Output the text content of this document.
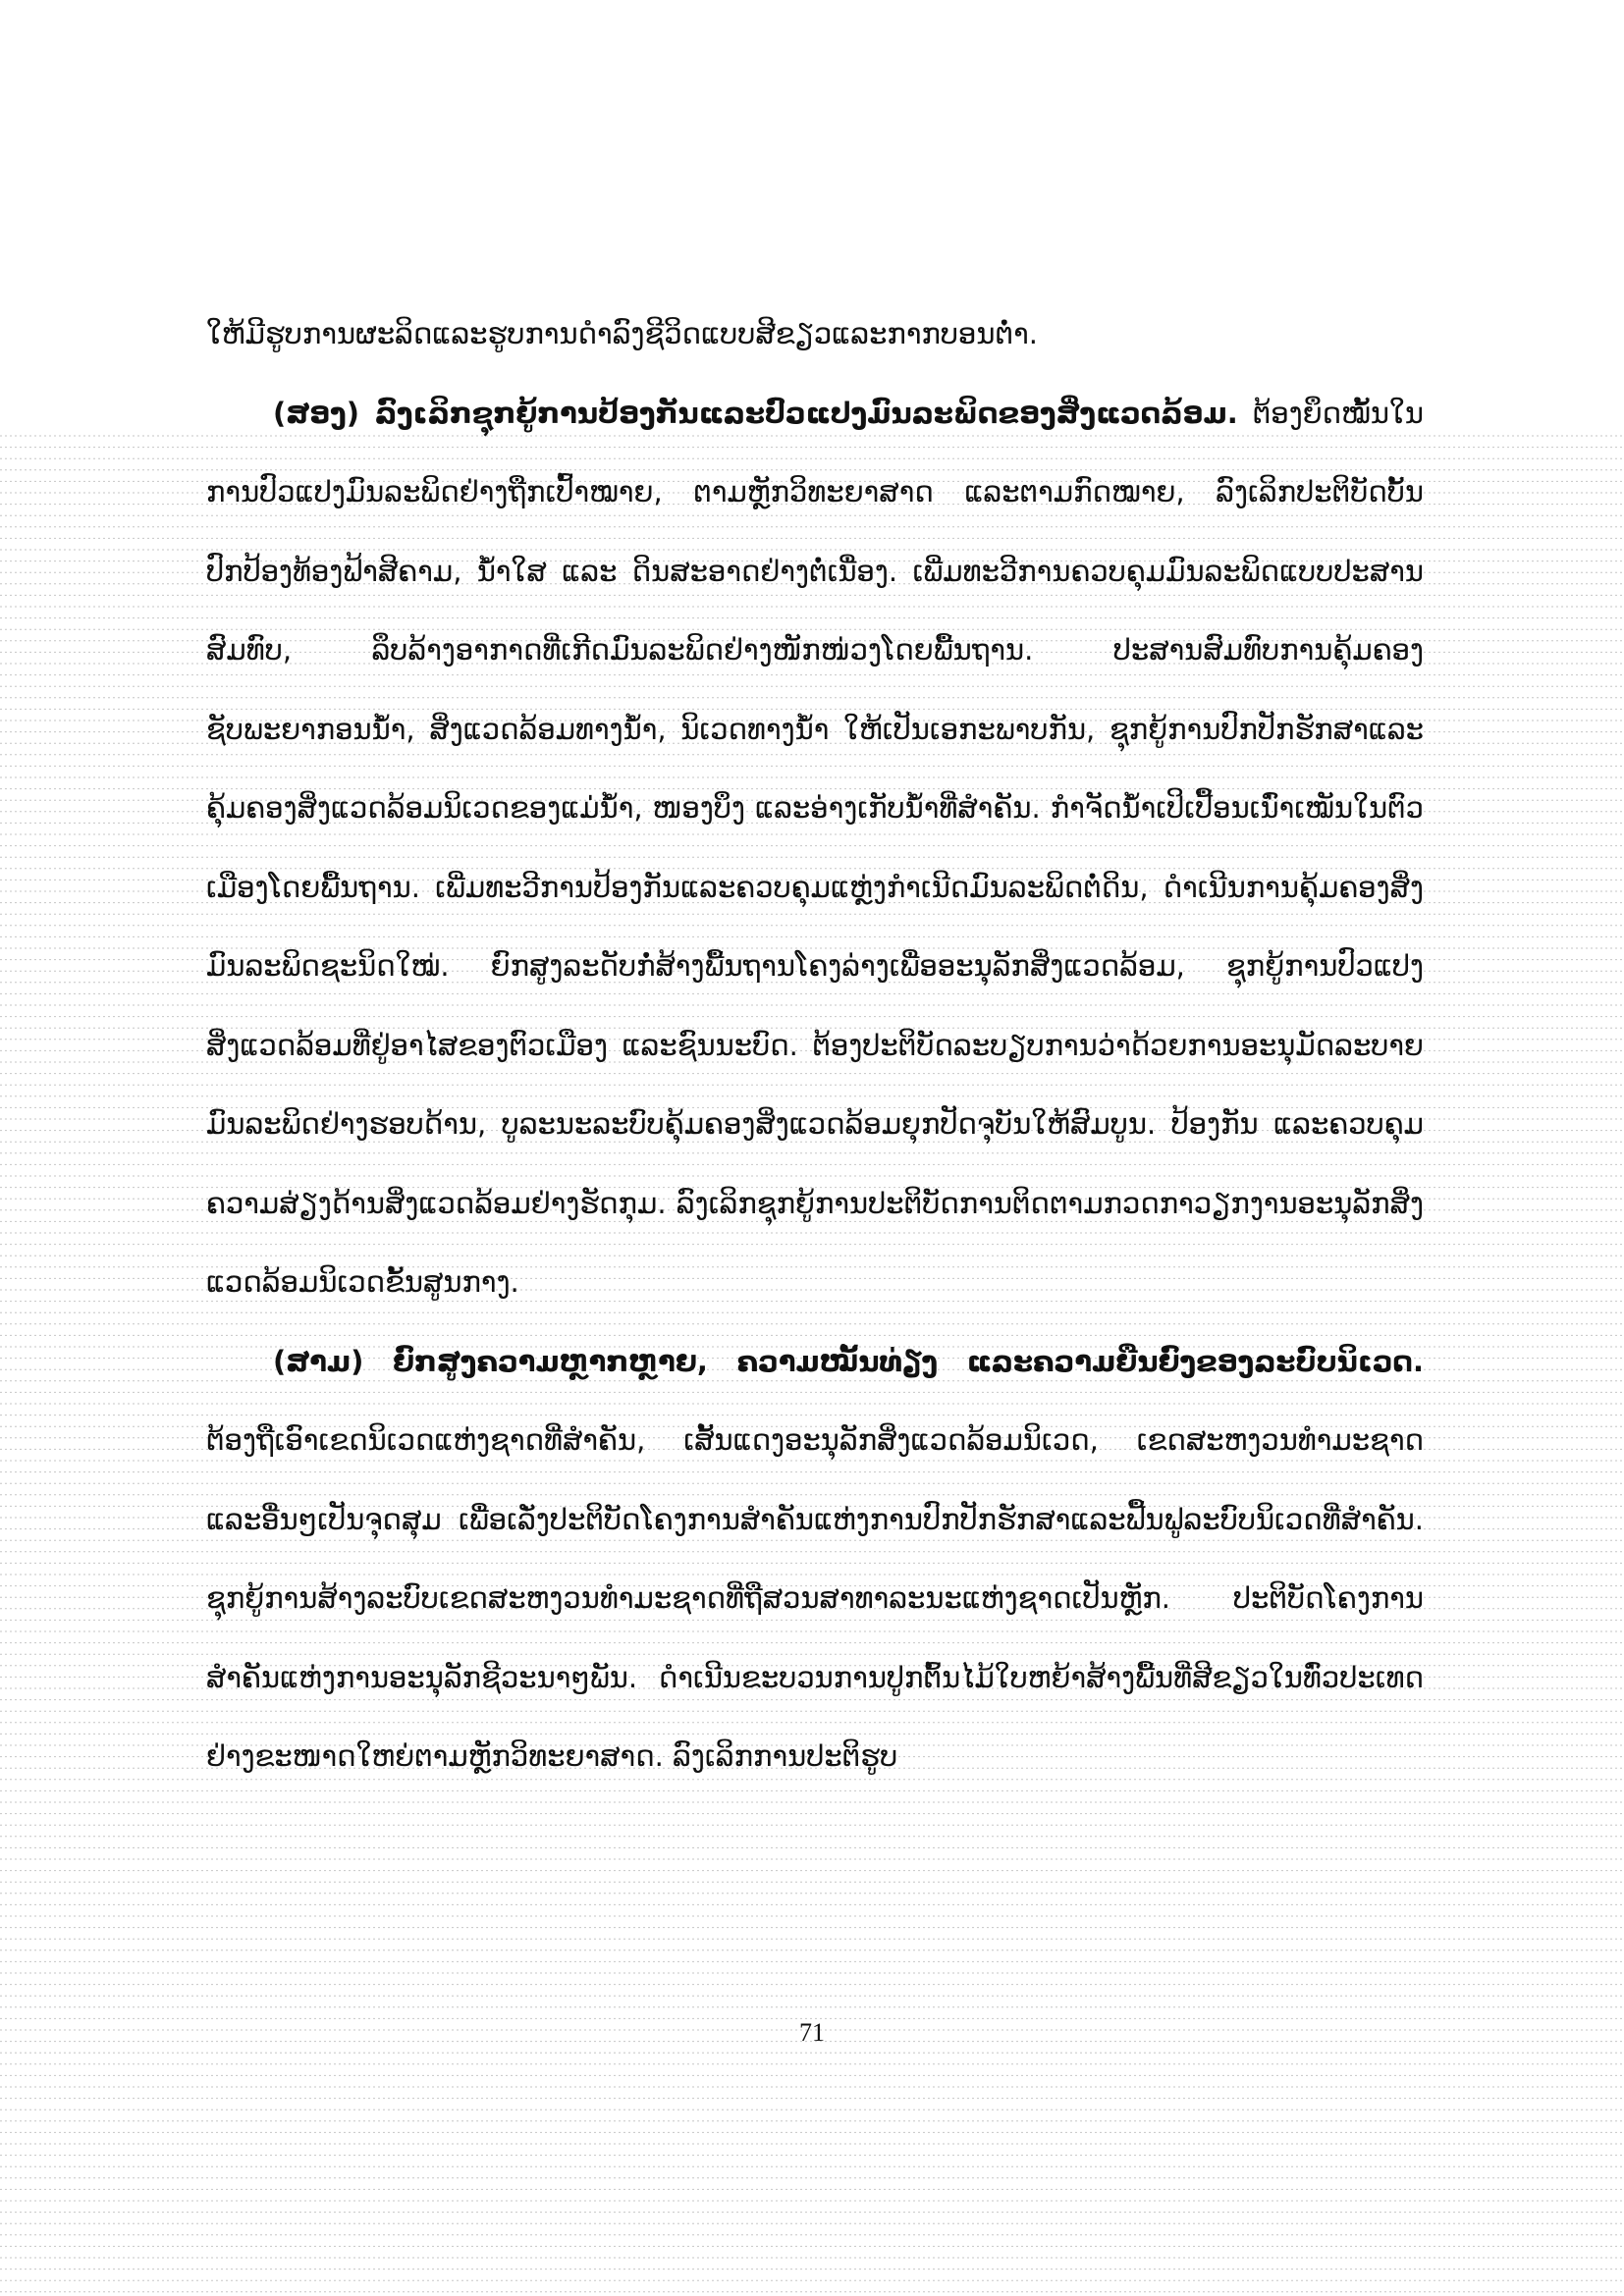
ໃຫ້ມີຮູບການຜະລິດແລະຮູບການດຳລົງຊີວິດແບບສີຂຽວແລະກາກບອນຕ່ຳ.

(ສອງ) ລົງເລິກຊຸກຍູ້ການປ້ອງກັນແລະປົວແປງມົນລະພິດຂອງສິ່ງແວດລ້ອມ. ຕ້ອງຍຶດໝັ້ນໃນການປົວແປງມົນລະພິດຢ່າງຖືກເປົ້າໝາຍ, ຕາມຫຼັກວິທະຍາສາດ ແລະຕາມກົດໝາຍ, ລົງເລິກປະຕິບັດບັ້ນປົກປ້ອງທ້ອງຟ້າສີຄາມ, ນ້ຳໃສ ແລະ ດິນສະອາດຢ່າງຕໍ່ເນື່ອງ. ເພີ່ມທະວີການຄວບຄຸມມົນລະພິດແບບປະສານສົມທົບ, ລຶບລ້າງອາກາດທີ່ເກີດມົນລະພິດຢ່າງໜັກໜ່ວງໂດຍພື້ນຖານ. ປະສານສົມທົບການຄຸ້ມຄອງຊັບພະຍາກອນນ້ຳ, ສິ່ງແວດລ້ອມທາງນ້ຳ, ນິເວດທາງນ້ຳ ໃຫ້ເປັນເອກະພາບກັນ, ຊຸກຍູ້ການປົກປັກຮັກສາແລະຄຸ້ມຄອງສິ່ງແວດລ້ອມນິເວດຂອງແມ່ນ້ຳ, ໜອງບຶງ ແລະອ່າງເກັບນ້ຳທີ່ສຳຄັນ. ກຳຈັດນ້ຳເປິເປື້ອນເນົ່າເໝັນໃນຕົວເມືອງໂດຍພື້ນຖານ. ເພີ່ມທະວີການປ້ອງກັນແລະຄວບຄຸມແຫຼ່ງກຳເນີດມົນລະພິດຕໍ່ດິນ, ດຳເນີນການຄຸ້ມຄອງສິ່ງມົນລະພິດຊະນິດໃໝ່. ຍົກສູງລະດັບກໍ່ສ້າງພື້ນຖານໂຄງລ່າງເພື່ອອະນຸລັກສິ່ງແວດລ້ອມ, ຊຸກຍູ້ການປົວແປງສິ່ງແວດລ້ອມທີ່ຢູ່ອາໄສຂອງຕົວເມືອງ ແລະຊົນນະບົດ. ຕ້ອງປະຕິບັດລະບຽບການວ່າດ້ວຍການອະນຸມັດລະບາຍມົນລະພິດຢ່າງຮອບດ້ານ, ບູລະນະລະບົບຄຸ້ມຄອງສິ່ງແວດລ້ອມຍຸກປັດຈຸບັນໃຫ້ສົມບູນ. ປ້ອງກັນ ແລະຄວບຄຸມຄວາມສ່ຽງດ້ານສິ່ງແວດລ້ອມຢ່າງຮັດກຸມ. ລົງເລິກຊຸກຍູ້ການປະຕິບັດການຕິດຕາມກວດກາວຽກງານອະນຸລັກສິ່ງແວດລ້ອມນິເວດຂັ້ນສູນກາງ.

(ສາມ) ຍົກສູງຄວາມຫຼາກຫຼາຍ, ຄວາມໝັ້ນທ່ຽງ ແລະຄວາມຍືນຍົງຂອງລະບົບນິເວດ. ຕ້ອງຖືເອົາເຂດນິເວດແຫ່ງຊາດທີ່ສຳຄັນ, ເສັ້ນແດງອະນຸລັກສິ່ງແວດລ້ອມນິເວດ, ເຂດສະຫງວນທຳມະຊາດ ແລະອື່ນໆເປັນຈຸດສຸມ ເພື່ອເລັ່ງປະຕິບັດໂຄງການສຳຄັນແຫ່ງການປົກປັກຮັກສາແລະຟື້ນຟູລະບົບນິເວດທີ່ສຳຄັນ. ຊຸກຍູ້ການສ້າງລະບົບເຂດສະຫງວນທຳມະຊາດທີ່ຖືສວນສາທາລະນະແຫ່ງຊາດເປັນຫຼັກ. ປະຕິບັດໂຄງການສຳຄັນແຫ່ງການອະນຸລັກຊີວະນາໆພັນ. ດຳເນີນຂະບວນການປູກຕົ້ນໄມ້ໃບຫຍ້າສ້າງພື້ນທີ່ສີຂຽວໃນທົ່ວປະເທດຢ່າງຂະໜາດໃຫຍ່ຕາມຫຼັກວິທະຍາສາດ. ລົງເລິກການປະຕິຮູບ

71
